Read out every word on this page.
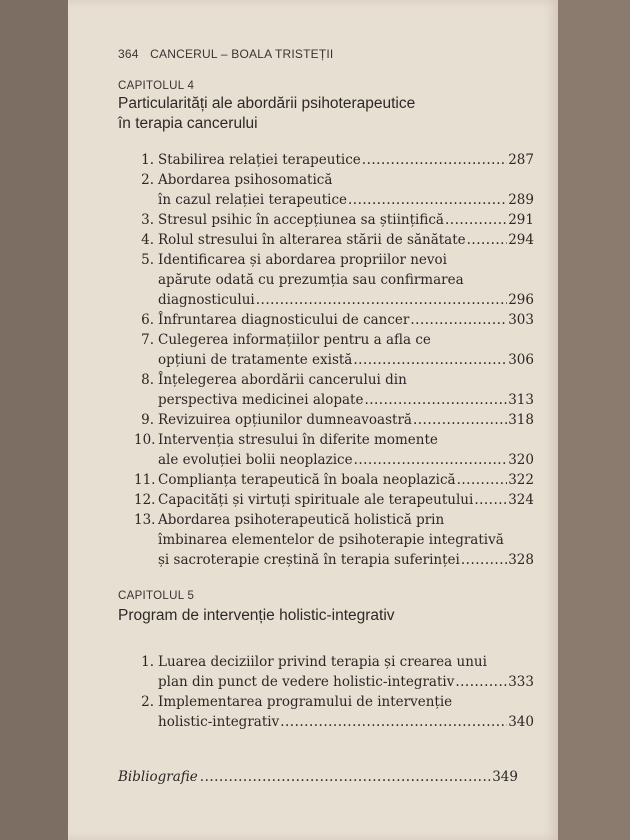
364 CANCERUL – BOALA TRISTEȚII
CAPITOLUL 4
Particularități ale abordării psihoterapeutice
în terapia cancerului
1. Stabilirea relației terapeutice .....	287
2. Abordarea psihosomatică
în cazul relației terapeutice .....	289
3. Stresul psihic în accepțiunea sa științifică .....	291
4. Rolul stresului în alterarea stării de sănătate .....	294
5. Identificarea și abordarea propriilor nevoi
apărute odată cu prezumția sau confirmarea
diagnosticului .....	296
6. Înfruntarea diagnosticului de cancer .....	303
7. Culegerea informațiilor pentru a afla ce
opțiuni de tratamente există .....	306
8. Înțelegerea abordării cancerului din
perspectiva medicinei alopate .....	313
9. Revizuirea opțiunilor dumneavoastră .....	318
10. Intervenția stresului în diferite momente
ale evoluției bolii neoplazice .....	320
11. Complianța terapeutică în boala neoplazică .....	322
12. Capacități și virtuți spirituale ale terapeutului .....	324
13. Abordarea psihoterapeutică holistică prin
îmbinarea elementelor de psihoterapie integrativă
și sacroterapie creștină în terapia suferinței .....	328
CAPITOLUL 5
Program de intervenție holistic-integrativ
1. Luarea deciziilor privind terapia și crearea unui
plan din punct de vedere holistic-integrativ .....	333
2. Implementarea programului de intervenție
holistic-integrativ .....	340
Bibliografie .....	349
